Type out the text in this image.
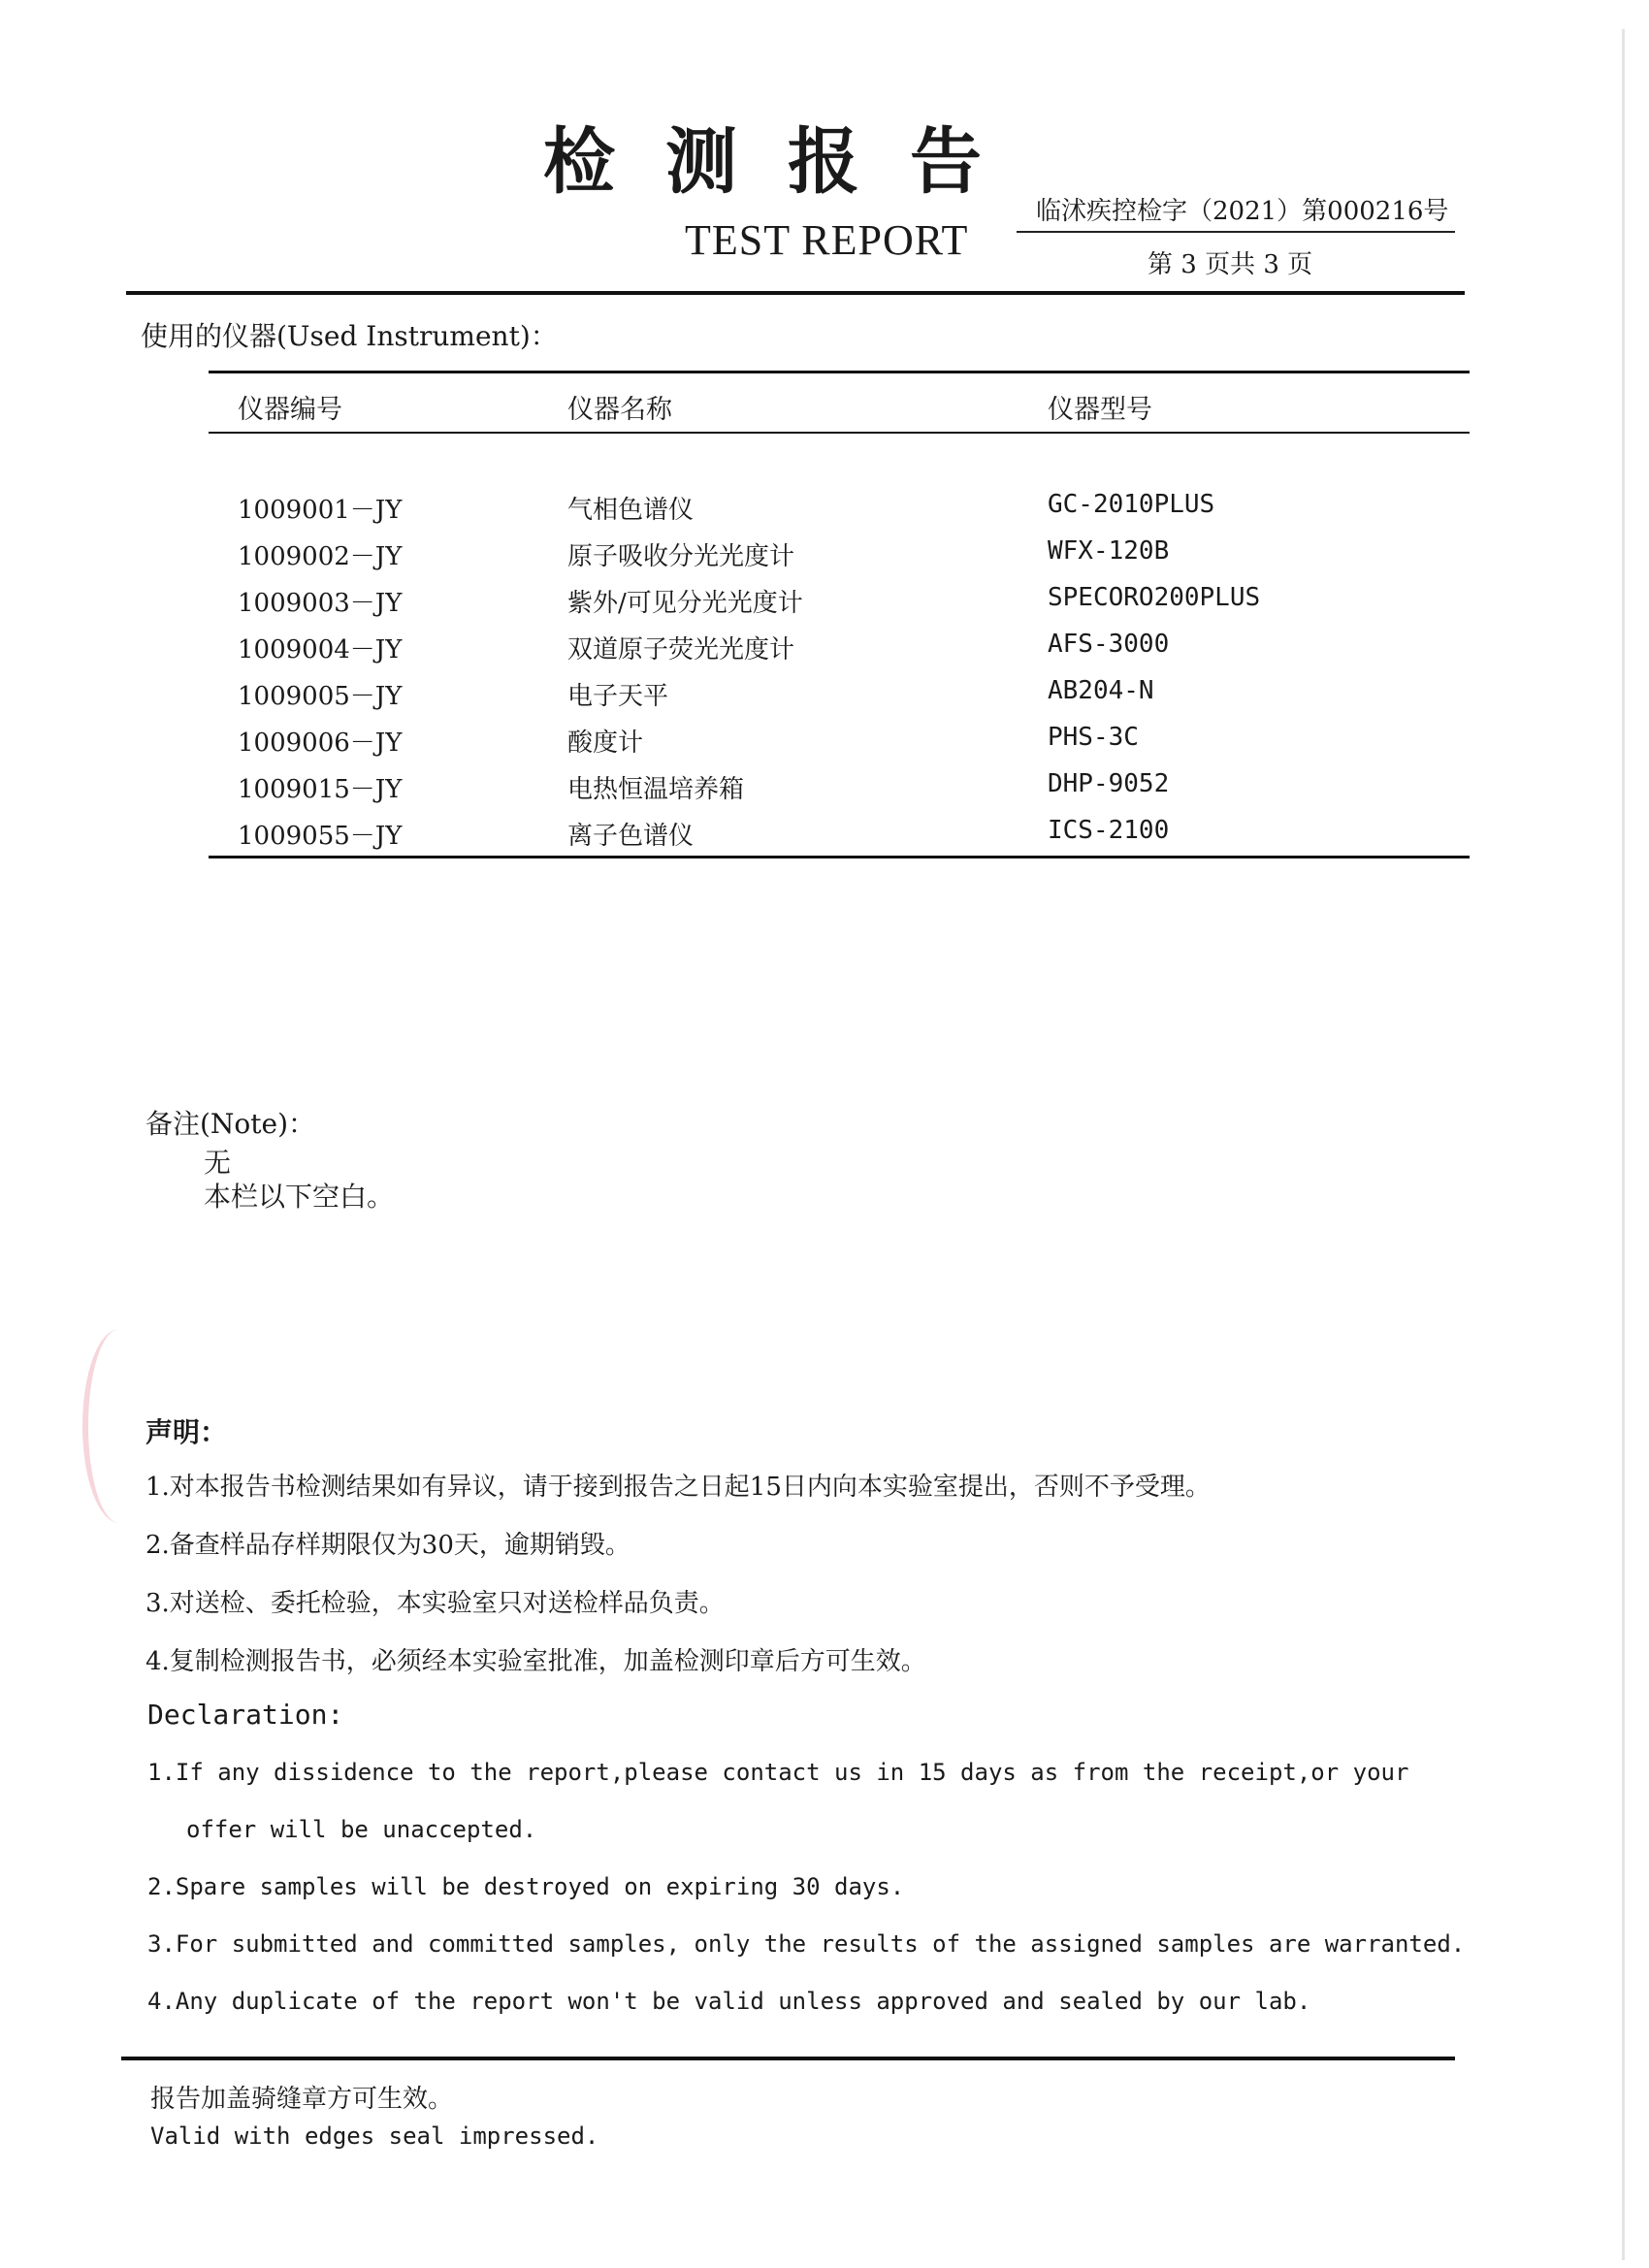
检测报告
TEST REPORT
临沭疾控检字（2021）第000216号
第 3 页共 3 页
使用的仪器(Used Instrument)：
仪器编号	仪器名称	仪器型号
1009001－JY	气相色谱仪	GC-2010PLUS
1009002－JY	原子吸收分光光度计	WFX-120B
1009003－JY	紫外/可见分光光度计	SPECORO200PLUS
1009004－JY	双道原子荧光光度计	AFS-3000
1009005－JY	电子天平	AB204-N
1009006－JY	酸度计	PHS-3C
1009015－JY	电热恒温培养箱	DHP-9052
1009055－JY	离子色谱仪	ICS-2100
备注(Note)：
无
本栏以下空白。
声明：
1.对本报告书检测结果如有异议，请于接到报告之日起15日内向本实验室提出，否则不予受理。
2.备查样品存样期限仅为30天，逾期销毁。
3.对送检、委托检验，本实验室只对送检样品负责。
4.复制检测报告书，必须经本实验室批准，加盖检测印章后方可生效。
Declaration:
1.If any dissidence to the report,please contact us in 15 days as from the receipt,or your
offer will be unaccepted.
2.Spare samples will be destroyed on expiring 30 days.
3.For submitted and committed samples, only the results of the assigned samples are warranted.
4.Any duplicate of the report won't be valid unless approved and sealed by our lab.
报告加盖骑缝章方可生效。
Valid with edges seal impressed.
